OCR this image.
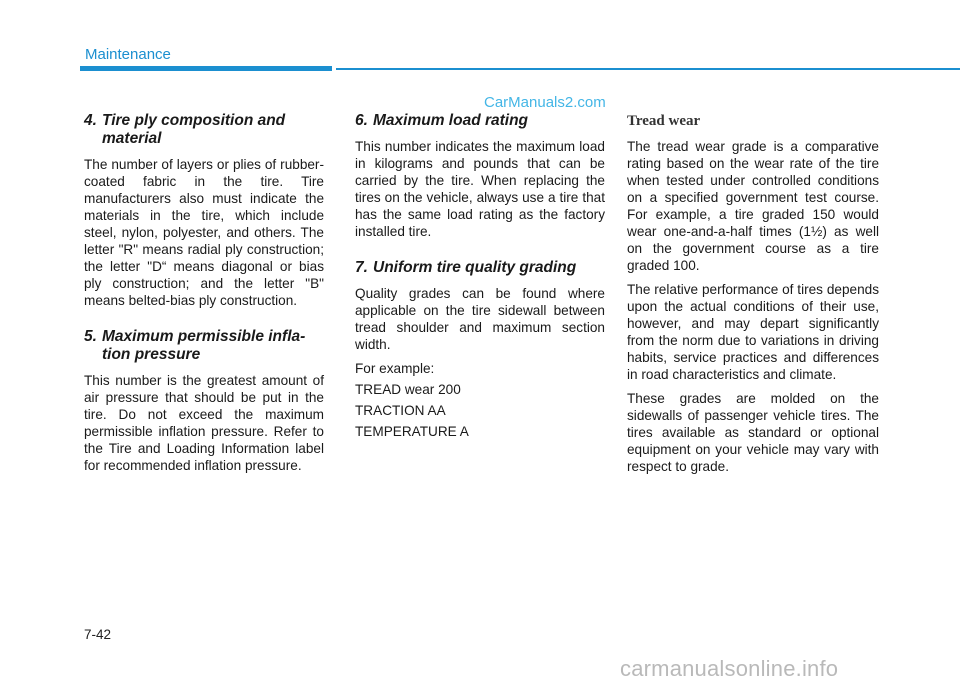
Maintenance
CarManuals2.com
4. Tire ply composition and
material

The number of layers or plies of rubber-coated fabric in the tire. Tire manufacturers also must indicate the materials in the tire, which include steel, nylon, polyester, and others. The letter "R" means radial ply construction; the letter "D“ means diagonal or bias ply construction; and the letter "B" means belted-bias ply construction.

5. Maximum permissible infla-
tion pressure

This number is the greatest amount of air pressure that should be put in the tire. Do not exceed the maximum permissible inflation pressure. Refer to the Tire and Loading Information label for recommended inflation pressure.

6. Maximum load rating

This number indicates the maximum load in kilograms and pounds that can be carried by the tire. When replacing the tires on the vehicle, always use a tire that has the same load rating as the factory installed tire.

7. Uniform tire quality grading

Quality grades can be found where applicable on the tire sidewall between tread shoulder and maximum section width.

For example:

TREAD wear 200

TRACTION AA

TEMPERATURE A

Tread wear

The tread wear grade is a comparative rating based on the wear rate of the tire when tested under controlled conditions on a specified government test course. For example, a tire graded 150 would wear one-and-a-half times (1½) as well on the government course as a tire graded 100.

The relative performance of tires depends upon the actual conditions of their use, however, and may depart significantly from the norm due to variations in driving habits, service practices and differences in road characteristics and climate.

These grades are molded on the sidewalls of passenger vehicle tires. The tires available as standard or optional equipment on your vehicle may vary with respect to grade.

7-42
carmanualsonline.info
